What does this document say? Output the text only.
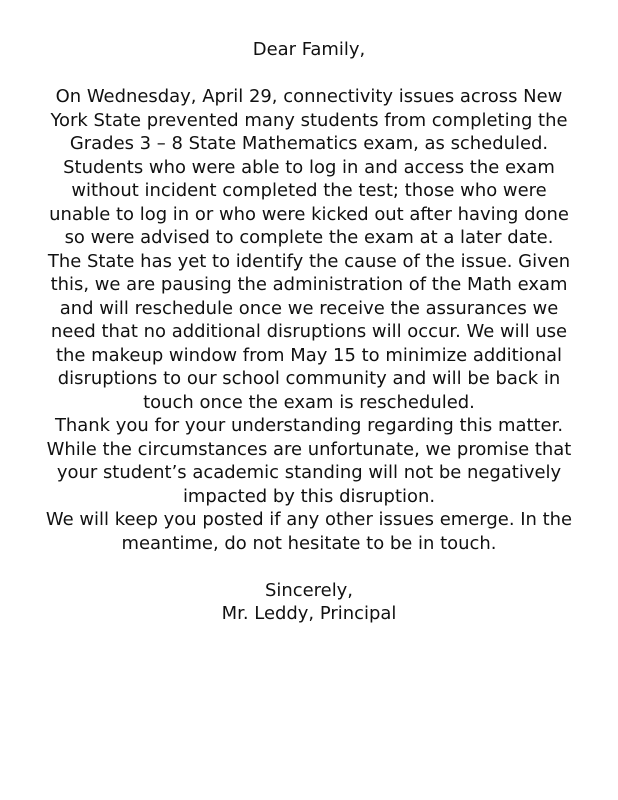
Dear Family,
On Wednesday, April 29, connectivity issues across New
York State prevented many students from completing the
Grades 3 – 8 State Mathematics exam, as scheduled.
Students who were able to log in and access the exam
without incident completed the test; those who were
unable to log in or who were kicked out after having done
so were advised to complete the exam at a later date.
The State has yet to identify the cause of the issue. Given
this, we are pausing the administration of the Math exam
and will reschedule once we receive the assurances we
need that no additional disruptions will occur. We will use
the makeup window from May 15 to minimize additional
disruptions to our school community and will be back in
touch once the exam is rescheduled.
Thank you for your understanding regarding this matter.
While the circumstances are unfortunate, we promise that
your student’s academic standing will not be negatively
impacted by this disruption.
We will keep you posted if any other issues emerge. In the
meantime, do not hesitate to be in touch.
Sincerely,
Mr. Leddy, Principal
